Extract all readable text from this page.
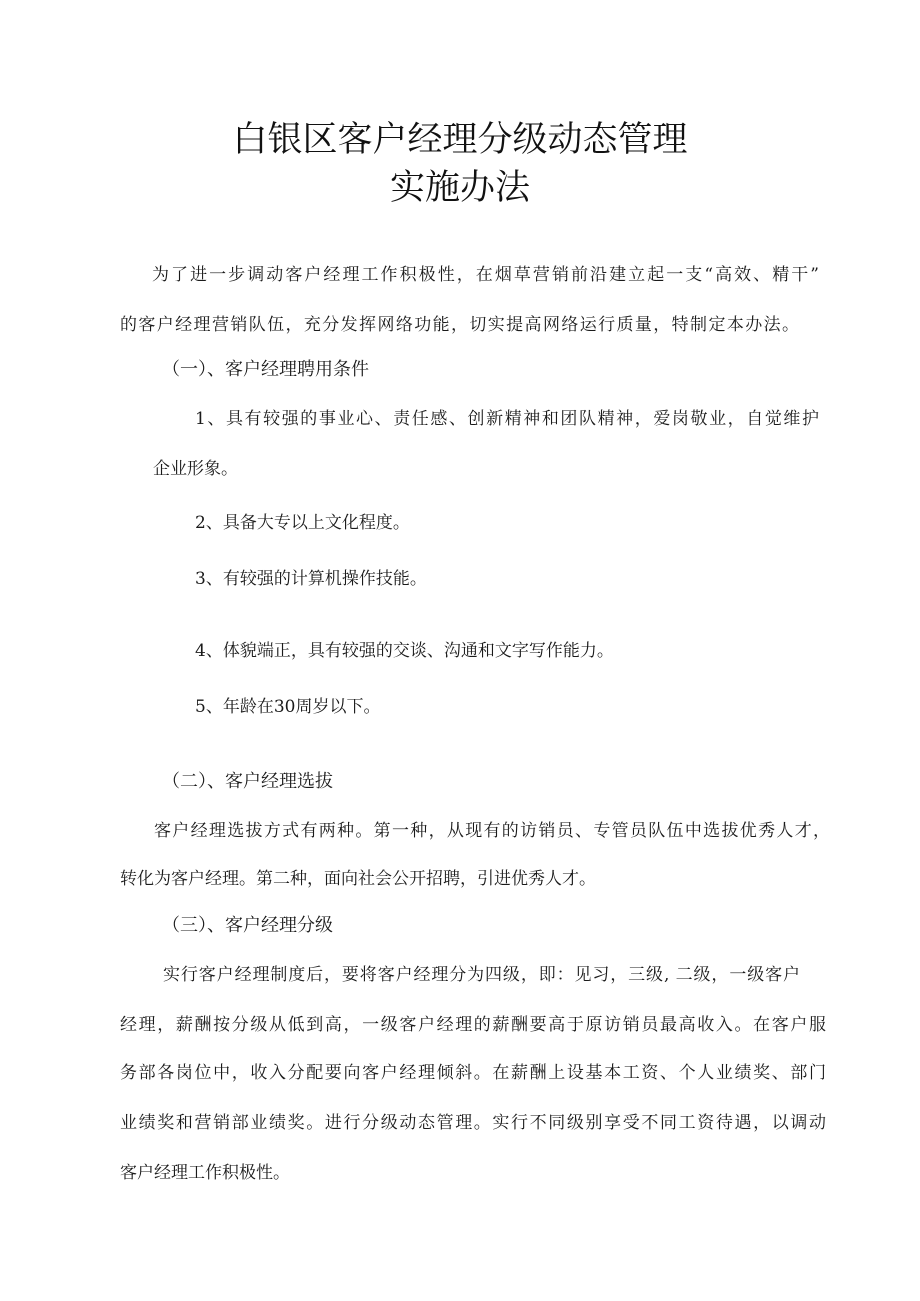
白银区客户经理分级动态管理
实施办法
为了进一步调动客户经理工作积极性，在烟草营销前沿建立起一支“高效、精干”
的客户经理营销队伍，充分发挥网络功能，切实提高网络运行质量，特制定本办法。
（一）、客户经理聘用条件
1、具有较强的事业心、责任感、创新精神和团队精神，爱岗敬业，自觉维护
企业形象。
2、具备大专以上文化程度。
3、有较强的计算机操作技能。
4、体貌端正，具有较强的交谈、沟通和文字写作能力。
5、年龄在30周岁以下。
（二）、客户经理选拔
客户经理选拔方式有两种。第一种，从现有的访销员、专管员队伍中选拔优秀人才，
转化为客户经理。第二种，面向社会公开招聘，引进优秀人才。
（三）、客户经理分级
实行客户经理制度后，要将客户经理分为四级，即：见习，三级, 二级，一级客户
经理，薪酬按分级从低到高，一级客户经理的薪酬要高于原访销员最高收入。在客户服
务部各岗位中，收入分配要向客户经理倾斜。在薪酬上设基本工资、个人业绩奖、部门
业绩奖和营销部业绩奖。进行分级动态管理。实行不同级别享受不同工资待遇，以调动
客户经理工作积极性。
